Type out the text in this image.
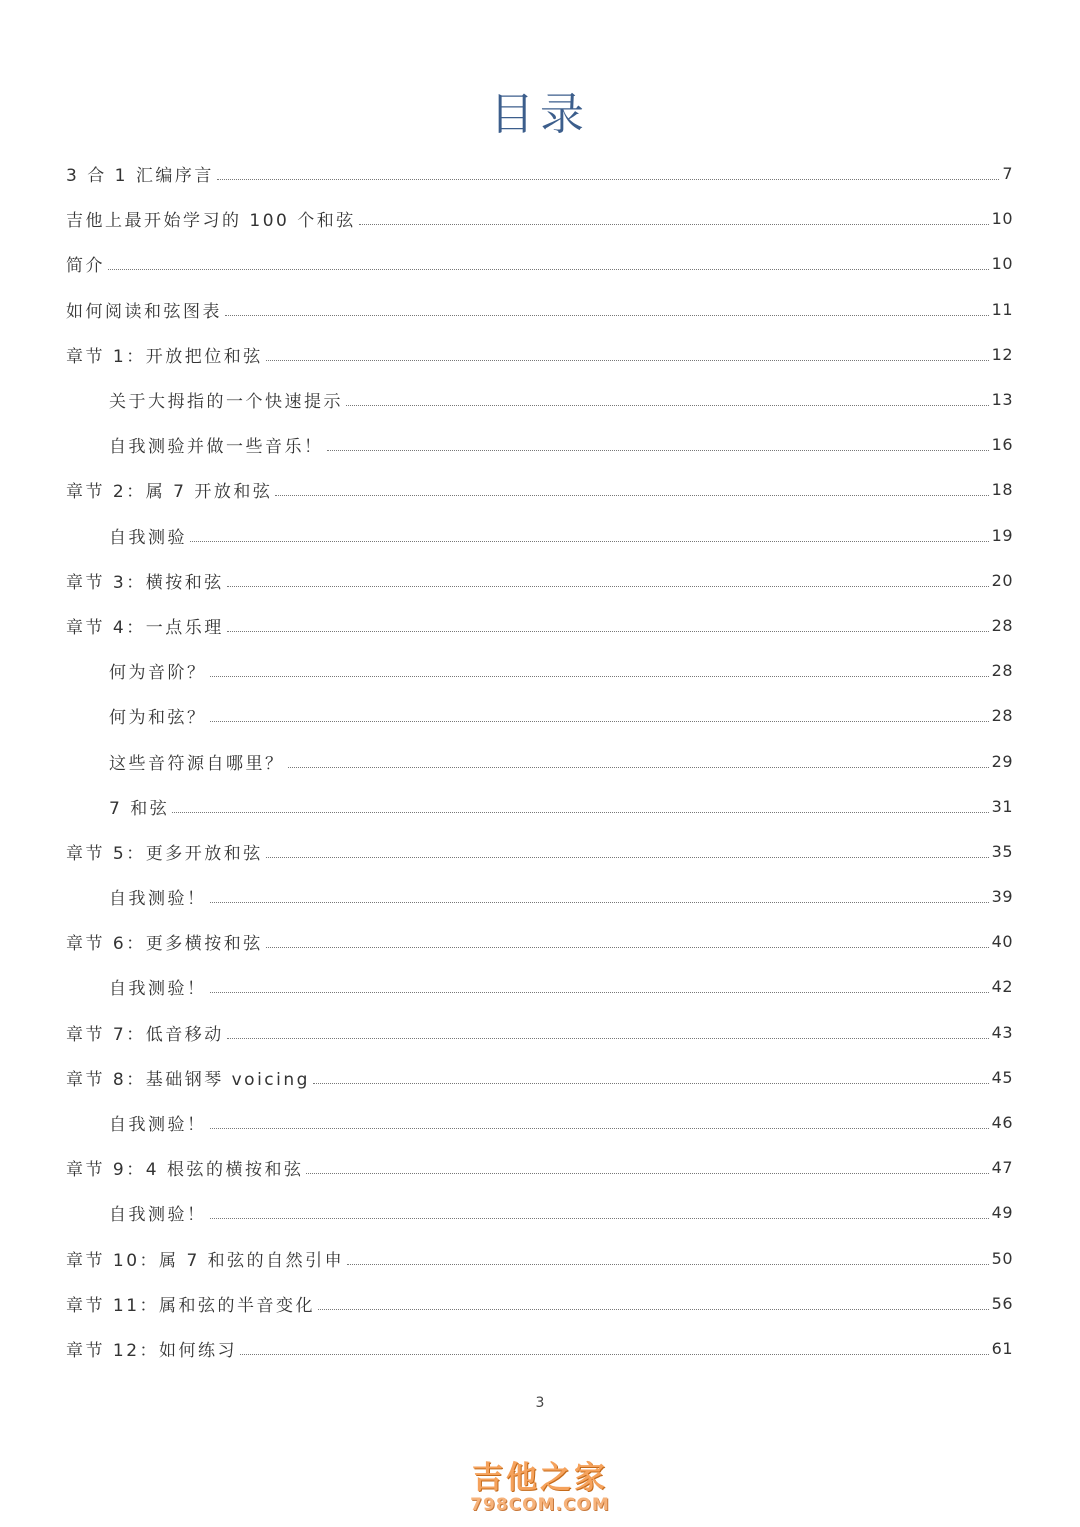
目录
3 合 1 汇编序言	7
吉他上最开始学习的 100 个和弦	10
简介	10
如何阅读和弦图表	11
章节 1：开放把位和弦	12
关于大拇指的一个快速提示	13
自我测验并做一些音乐！	16
章节 2：属 7 开放和弦	18
自我测验	19
章节 3：横按和弦	20
章节 4：一点乐理	28
何为音阶？	28
何为和弦？	28
这些音符源自哪里？	29
7 和弦	31
章节 5：更多开放和弦	35
自我测验！	39
章节 6：更多横按和弦	40
自我测验！	42
章节 7：低音移动	43
章节 8：基础钢琴 voicing	45
自我测验！	46
章节 9：4 根弦的横按和弦	47
自我测验！	49
章节 10：属 7 和弦的自然引申	50
章节 11：属和弦的半音变化	56
章节 12：如何练习	61
3
吉他之家
798COM.COM
